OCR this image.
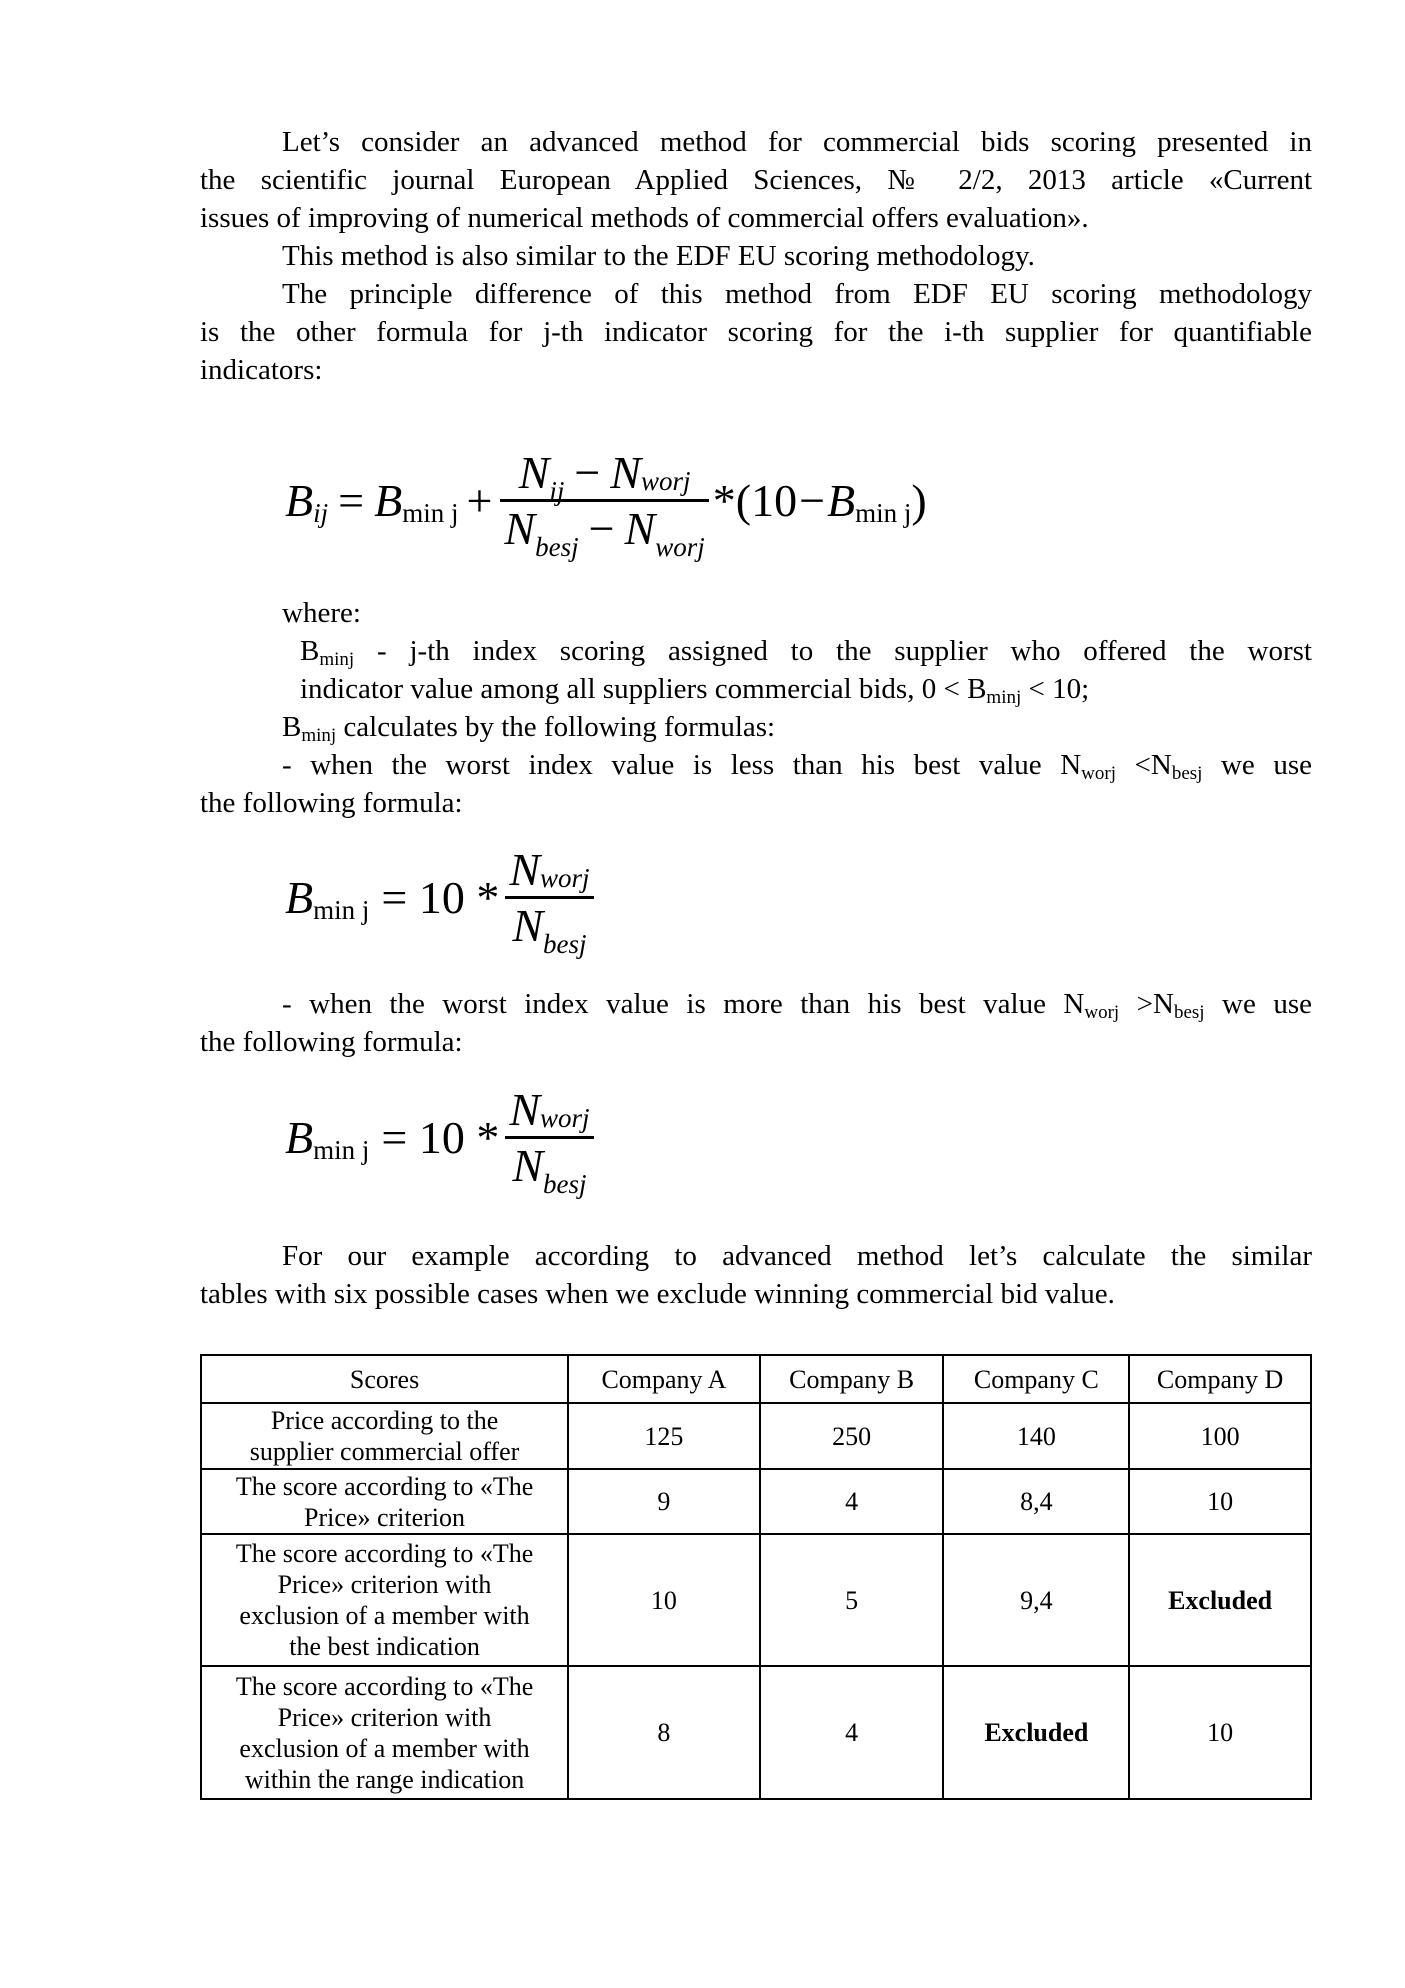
Let’s consider an advanced method for commercial bids scoring presented in
the scientific journal European Applied Sciences, № 2/2, 2013 article «Current
issues of improving of numerical methods of commercial offers evaluation».
This method is also similar to the EDF EU scoring methodology.
The principle difference of this method from EDF EU scoring methodology
is the other formula for j-th indicator scoring for the i-th supplier for quantifiable
indicators:
B ij = B $\min j + \frac{\text{Nij − Nworj}}{\text{Nbesj − Nworj}} *(10 - B$ min j )
where:
$B_{minj} - j-th$ index scoring assigned to the supplier who offered the worst
indicator value among all suppliers commercial bids, $0 < B_{minj} < 10$;
$B_{minj}$ calculates by the following formulas:
- when the worst index value is less than his best value $N_{worj} <N_{besj}$ we use
the following formula:
B $\min j = 10 * \frac{\text{Nworj}}{\text{Nbesj}}$
- when the worst index value is more than his best value $N_{worj} >N_{besj}$ we use
the following formula:
B $\min j = 10 * \frac{\text{Nworj}}{\text{Nbesj}}$
For our example according to advanced method let’s calculate the similar
tables with six possible cases when we exclude winning commercial bid value.
Scores	Company A	Company B	Company C	Company D

Price according to the
supplier commercial offer	125	250	140	100

The score according to «The
Price» criterion	9	4	8,4	10

The score according to «The
Price» criterion with
exclusion of a member with
the best indication	10	5	9,4	Excluded

The score according to «The
Price» criterion with
exclusion of a member with
within the range indication	8	4	Excluded	10
